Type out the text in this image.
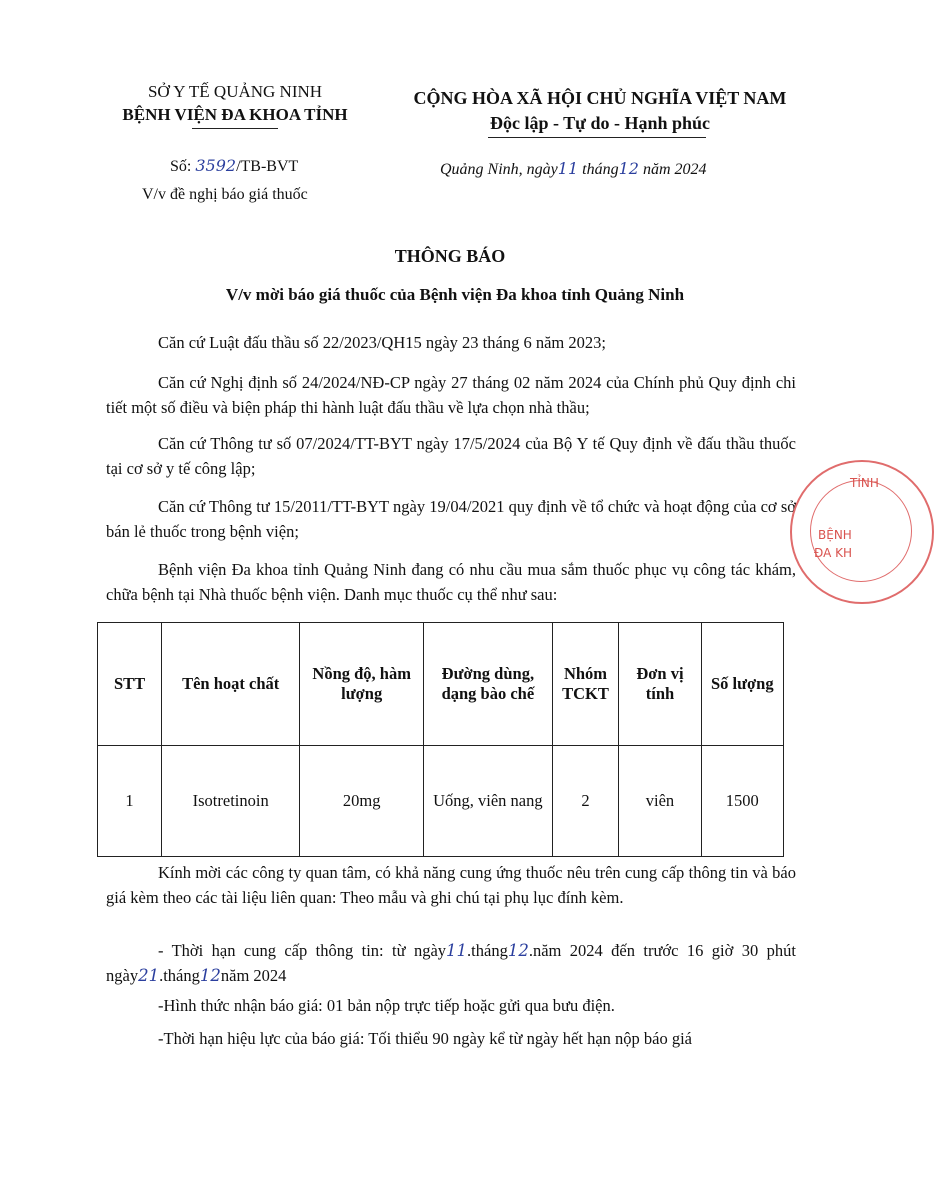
SỞ Y TẾ QUẢNG NINH
BỆNH VIỆN ĐA KHOA TỈNH
CỘNG HÒA XÃ HỘI CHỦ NGHĨA VIỆT NAM
Độc lập - Tự do - Hạnh phúc
Số: 3592/TB-BVT
V/v đề nghị báo giá thuốc
Quảng Ninh, ngày11 tháng12 năm 2024
THÔNG BÁO
V/v mời báo giá thuốc của Bệnh viện Đa khoa tỉnh Quảng Ninh
Căn cứ Luật đấu thầu số 22/2023/QH15 ngày 23 tháng 6 năm 2023;
Căn cứ Nghị định số 24/2024/NĐ-CP ngày 27 tháng 02 năm 2024 của Chính phủ Quy định chi tiết một số điều và biện pháp thi hành luật đấu thầu về lựa chọn nhà thầu;
Căn cứ Thông tư số 07/2024/TT-BYT ngày 17/5/2024 của Bộ Y tế Quy định về đấu thầu thuốc tại cơ sở y tế công lập;
Căn cứ Thông tư 15/2011/TT-BYT ngày 19/04/2021 quy định về tổ chức và hoạt động của cơ sở bán lẻ thuốc trong bệnh viện;
Bệnh viện Đa khoa tỉnh Quảng Ninh đang có nhu cầu mua sắm thuốc phục vụ công tác khám, chữa bệnh tại Nhà thuốc bệnh viện. Danh mục thuốc cụ thể như sau:
STT	Tên hoạt chất	Nồng độ, hàm lượng	Đường dùng, dạng bào chế	Nhóm TCKT	Đơn vị tính	Số lượng
1	Isotretinoin	20mg	Uống, viên nang	2	viên	1500
Kính mời các công ty quan tâm, có khả năng cung ứng thuốc nêu trên cung cấp thông tin và báo giá kèm theo các tài liệu liên quan: Theo mẫu và ghi chú tại phụ lục đính kèm.
- Thời hạn cung cấp thông tin: từ ngày11.tháng12.năm 2024 đến trước 16 giờ 30 phút ngày21.tháng12năm 2024
-Hình thức nhận báo giá: 01 bản nộp trực tiếp hoặc gửi qua bưu điện.
-Thời hạn hiệu lực của báo giá: Tối thiểu 90 ngày kể từ ngày hết hạn nộp báo giá
TỈNH
BỆNH
ĐA KH
